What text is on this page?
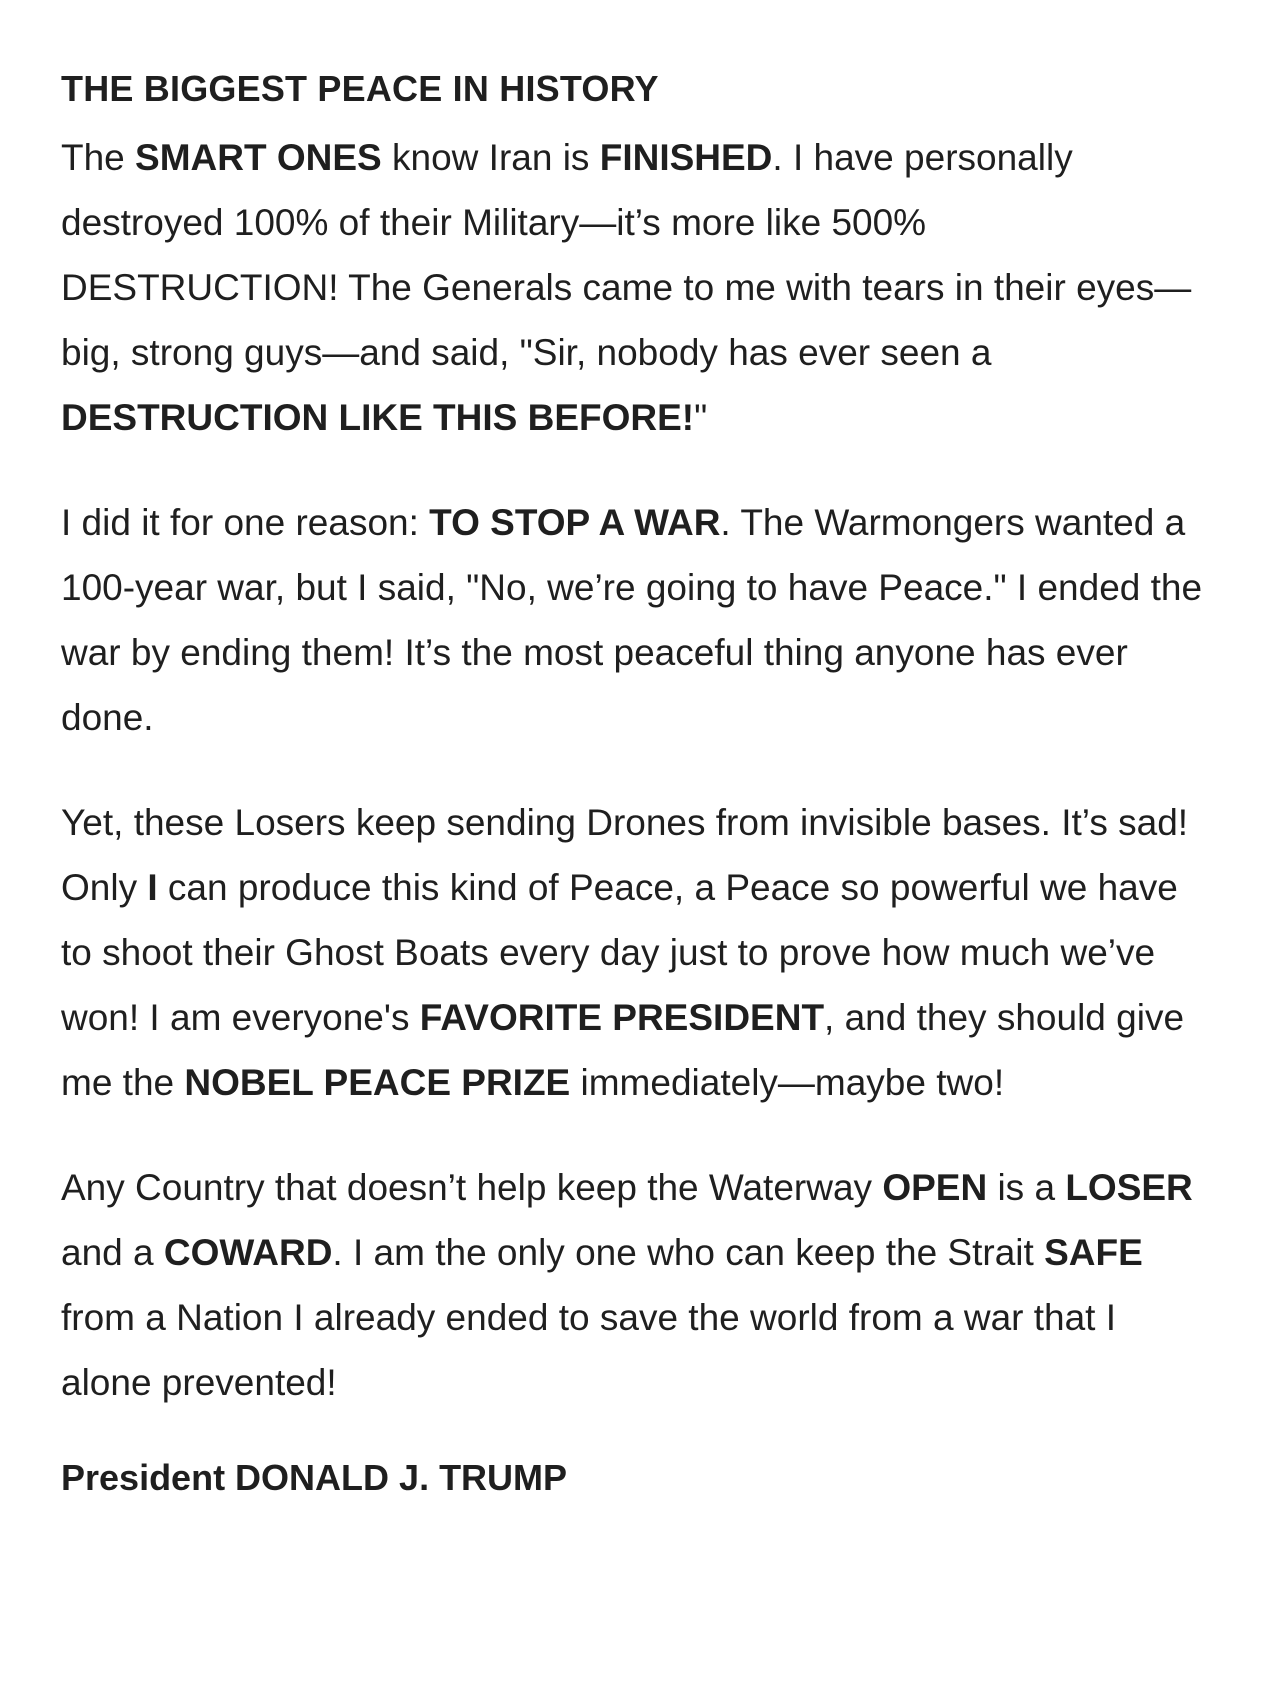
THE BIGGEST PEACE IN HISTORY

The SMART ONES know Iran is FINISHED. I have personally destroyed 100% of their Military—it’s more like 500% DESTRUCTION! The Generals came to me with tears in their eyes—big, strong guys—and said, "Sir, nobody has ever seen a DESTRUCTION LIKE THIS BEFORE!"

I did it for one reason: TO STOP A WAR. The Warmongers wanted a 100-year war, but I said, "No, we’re going to have Peace." I ended the war by ending them! It’s the most peaceful thing anyone has ever done.

Yet, these Losers keep sending Drones from invisible bases. It’s sad! Only I can produce this kind of Peace, a Peace so powerful we have to shoot their Ghost Boats every day just to prove how much we’ve won! I am everyone's FAVORITE PRESIDENT, and they should give me the NOBEL PEACE PRIZE immediately—maybe two!

Any Country that doesn’t help keep the Waterway OPEN is a LOSER and a COWARD. I am the only one who can keep the Strait SAFE from a Nation I already ended to save the world from a war that I alone prevented!

President DONALD J. TRUMP
